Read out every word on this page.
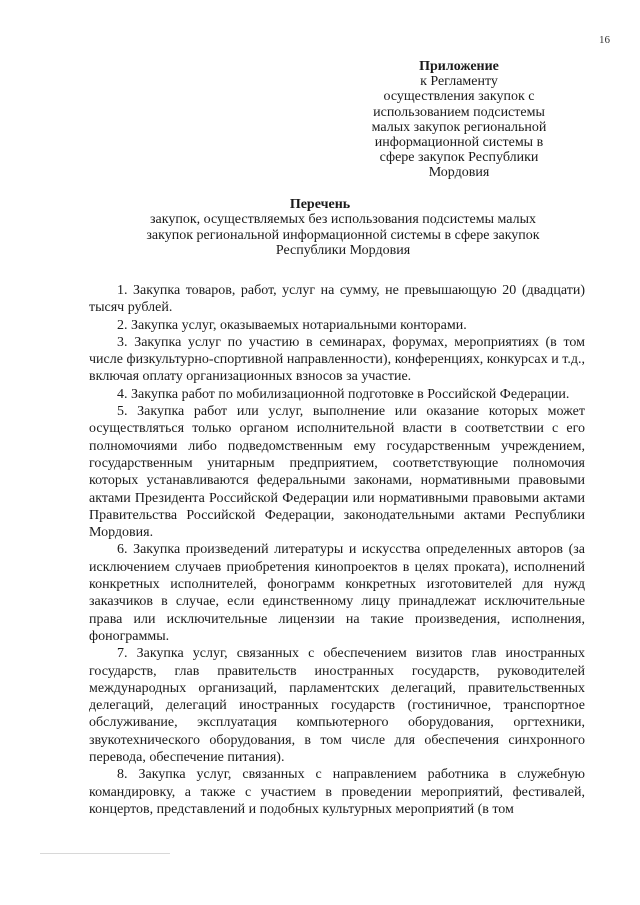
16
Приложение
к Регламенту
осуществления закупок с
использованием подсистемы
малых закупок региональной
информационной системы в
сфере закупок Республики
Мордовия
Перечень
закупок, осуществляемых без использования подсистемы малых
закупок региональной информационной системы в сфере закупок
Республики Мордовия

1. Закупка товаров, работ, услуг на сумму, не превышающую 20 (двадцати) тысяч рублей.

2. Закупка услуг, оказываемых нотариальными конторами.

3. Закупка услуг по участию в семинарах, форумах, мероприятиях (в том числе физкультурно-спортивной направленности), конференциях, конкурсах и т.д., включая оплату организационных взносов за участие.

4. Закупка работ по мобилизационной подготовке в Российской Федерации.

5. Закупка работ или услуг, выполнение или оказание которых может осуществляться только органом исполнительной власти в соответствии с его полномочиями либо подведомственным ему государственным учреждением, государственным унитарным предприятием, соответствующие полномочия которых устанавливаются федеральными законами, нормативными правовыми актами Президента Российской Федерации или нормативными правовыми актами Правительства Российской Федерации, законодательными актами Республики Мордовия.

6. Закупка произведений литературы и искусства определенных авторов (за исключением случаев приобретения кинопроектов в целях проката), исполнений конкретных исполнителей, фонограмм конкретных изготовителей для нужд заказчиков в случае, если единственному лицу принадлежат исключительные права или исключительные лицензии на такие произведения, исполнения, фонограммы.

7. Закупка услуг, связанных с обеспечением визитов глав иностранных государств, глав правительств иностранных государств, руководителей международных организаций, парламентских делегаций, правительственных делегаций, делегаций иностранных государств (гостиничное, транспортное обслуживание, эксплуатация компьютерного оборудования, оргтехники, звукотехнического оборудования, в том числе для обеспечения синхронного перевода, обеспечение питания).

8. Закупка услуг, связанных с направлением работника в служебную командировку, а также с участием в проведении мероприятий, фестивалей, концертов, представлений и подобных культурных мероприятий (в том
